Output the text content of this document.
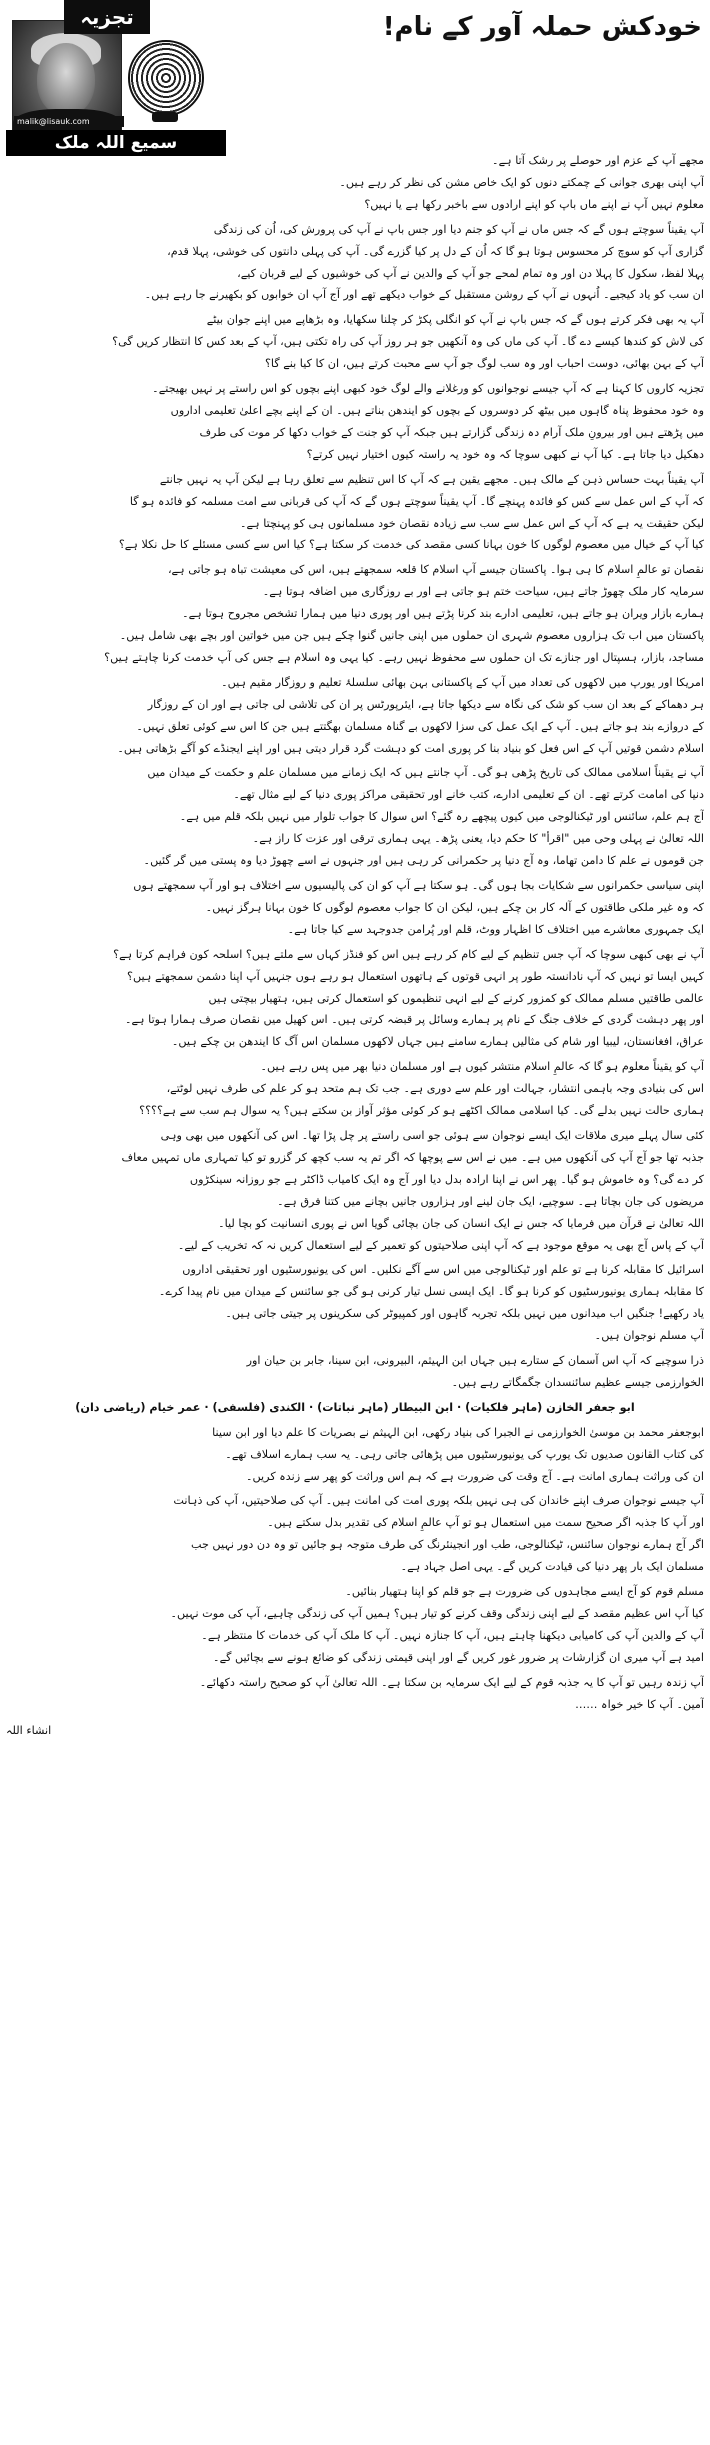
تجزیہ
malik@lisauk.com
سمیع اللہ ملک
خودکش حملہ آور کے نام!
مجھے آپ کے عزم اور حوصلے پر رشک آتا ہے۔
آپ اپنی بھری جوانی کے چمکتے دنوں کو ایک خاص مشن کی نظر کر رہے ہیں۔
معلوم نہیں آپ نے اپنے ماں باپ کو اپنے ارادوں سے باخبر رکھا ہے یا نہیں؟
آپ یقیناً سوچتے ہوں گے کہ جس ماں نے آپ کو جنم دیا اور جس باپ نے آپ کی پرورش کی، اُن کی زندگی
گزاری آپ کو سوچ کر محسوس ہوتا ہو گا کہ اُن کے دل پر کیا گزرے گی۔ آپ کی پہلی دانتوں کی خوشی، پہلا قدم،
پہلا لفظ، سکول کا پہلا دن اور وہ تمام لمحے جو آپ کے والدین نے آپ کی خوشیوں کے لیے قربان کیے،
ان سب کو یاد کیجیے۔ اُنہوں نے آپ کے روشن مستقبل کے خواب دیکھے تھے اور آج آپ ان خوابوں کو بکھیرنے جا رہے ہیں۔
آپ یہ بھی فکر کرتے ہوں گے کہ جس باپ نے آپ کو انگلی پکڑ کر چلنا سکھایا، وہ بڑھاپے میں اپنے جوان بیٹے
کی لاش کو کندھا کیسے دے گا۔ آپ کی ماں کی وہ آنکھیں جو ہر روز آپ کی راہ تکتی ہیں، آپ کے بعد کس کا انتظار کریں گی؟
آپ کے بہن بھائی، دوست احباب اور وہ سب لوگ جو آپ سے محبت کرتے ہیں، ان کا کیا بنے گا؟
تجزیہ کاروں کا کہنا ہے کہ آپ جیسے نوجوانوں کو ورغلانے والے لوگ خود کبھی اپنے بچوں کو اس راستے پر نہیں بھیجتے۔
وہ خود محفوظ پناہ گاہوں میں بیٹھ کر دوسروں کے بچوں کو ایندھن بناتے ہیں۔ ان کے اپنے بچے اعلیٰ تعلیمی اداروں
میں پڑھتے ہیں اور بیرونِ ملک آرام دہ زندگی گزارتے ہیں جبکہ آپ کو جنت کے خواب دکھا کر موت کی طرف
دھکیل دیا جاتا ہے۔ کیا آپ نے کبھی سوچا کہ وہ خود یہ راستہ کیوں اختیار نہیں کرتے؟
آپ یقیناً بہت حساس ذہن کے مالک ہیں۔ مجھے یقین ہے کہ آپ کا اس تنظیم سے تعلق رہا ہے لیکن آپ یہ نہیں جانتے
کہ آپ کے اس عمل سے کس کو فائدہ پہنچے گا۔ آپ یقیناً سوچتے ہوں گے کہ آپ کی قربانی سے امت مسلمہ کو فائدہ ہو گا
لیکن حقیقت یہ ہے کہ آپ کے اس عمل سے سب سے زیادہ نقصان خود مسلمانوں ہی کو پہنچتا ہے۔
کیا آپ کے خیال میں معصوم لوگوں کا خون بہانا کسی مقصد کی خدمت کر سکتا ہے؟ کیا اس سے کسی مسئلے کا حل نکلا ہے؟
نقصان تو عالمِ اسلام کا ہی ہوا۔ پاکستان جیسے آپ اسلام کا قلعہ سمجھتے ہیں، اس کی معیشت تباہ ہو جاتی ہے،
سرمایہ کار ملک چھوڑ جاتے ہیں، سیاحت ختم ہو جاتی ہے اور بے روزگاری میں اضافہ ہوتا ہے۔
ہمارے بازار ویران ہو جاتے ہیں، تعلیمی ادارے بند کرنا پڑتے ہیں اور پوری دنیا میں ہمارا تشخص مجروح ہوتا ہے۔
پاکستان میں اب تک ہزاروں معصوم شہری ان حملوں میں اپنی جانیں گنوا چکے ہیں جن میں خواتین اور بچے بھی شامل ہیں۔
مساجد، بازار، ہسپتال اور جنازے تک ان حملوں سے محفوظ نہیں رہے۔ کیا یہی وہ اسلام ہے جس کی آپ خدمت کرنا چاہتے ہیں؟
امریکا اور یورپ میں لاکھوں کی تعداد میں آپ کے پاکستانی بہن بھائی سلسلۂ تعلیم و روزگار مقیم ہیں۔
ہر دھماکے کے بعد ان سب کو شک کی نگاہ سے دیکھا جاتا ہے، ایئرپورٹس پر ان کی تلاشی لی جاتی ہے اور ان کے روزگار
کے دروازے بند ہو جاتے ہیں۔ آپ کے ایک عمل کی سزا لاکھوں بے گناہ مسلمان بھگتتے ہیں جن کا اس سے کوئی تعلق نہیں۔
اسلام دشمن قوتیں آپ کے اس فعل کو بنیاد بنا کر پوری امت کو دہشت گرد قرار دیتی ہیں اور اپنے ایجنڈے کو آگے بڑھاتی ہیں۔
آپ نے یقیناً اسلامی ممالک کی تاریخ پڑھی ہو گی۔ آپ جانتے ہیں کہ ایک زمانے میں مسلمان علم و حکمت کے میدان میں
دنیا کی امامت کرتے تھے۔ ان کے تعلیمی ادارے، کتب خانے اور تحقیقی مراکز پوری دنیا کے لیے مثال تھے۔
آج ہم علم، سائنس اور ٹیکنالوجی میں کیوں پیچھے رہ گئے؟ اس سوال کا جواب تلوار میں نہیں بلکہ قلم میں ہے۔
اللہ تعالیٰ نے پہلی وحی میں "اقرأ" کا حکم دیا، یعنی پڑھ۔ یہی ہماری ترقی اور عزت کا راز ہے۔
جن قوموں نے علم کا دامن تھاما، وہ آج دنیا پر حکمرانی کر رہی ہیں اور جنہوں نے اسے چھوڑ دیا وہ پستی میں گر گئیں۔
اپنی سیاسی حکمرانوں سے شکایات بجا ہوں گی۔ ہو سکتا ہے آپ کو ان کی پالیسیوں سے اختلاف ہو اور آپ سمجھتے ہوں
کہ وہ غیر ملکی طاقتوں کے آلہ کار بن چکے ہیں، لیکن ان کا جواب معصوم لوگوں کا خون بہانا ہرگز نہیں۔
ایک جمہوری معاشرے میں اختلاف کا اظہار ووٹ، قلم اور پُرامن جدوجہد سے کیا جاتا ہے۔
آپ نے بھی کبھی سوچا کہ آپ جس تنظیم کے لیے کام کر رہے ہیں اس کو فنڈز کہاں سے ملتے ہیں؟ اسلحہ کون فراہم کرتا ہے؟
کہیں ایسا تو نہیں کہ آپ نادانستہ طور پر انہی قوتوں کے ہاتھوں استعمال ہو رہے ہوں جنہیں آپ اپنا دشمن سمجھتے ہیں؟
عالمی طاقتیں مسلم ممالک کو کمزور کرنے کے لیے انہی تنظیموں کو استعمال کرتی ہیں، ہتھیار بیچتی ہیں
اور پھر دہشت گردی کے خلاف جنگ کے نام پر ہمارے وسائل پر قبضہ کرتی ہیں۔ اس کھیل میں نقصان صرف ہمارا ہوتا ہے۔
عراق، افغانستان، لیبیا اور شام کی مثالیں ہمارے سامنے ہیں جہاں لاکھوں مسلمان اس آگ کا ایندھن بن چکے ہیں۔
آپ کو یقیناً معلوم ہو گا کہ عالمِ اسلام منتشر کیوں ہے اور مسلمان دنیا بھر میں پس رہے ہیں۔
اس کی بنیادی وجہ باہمی انتشار، جہالت اور علم سے دوری ہے۔ جب تک ہم متحد ہو کر علم کی طرف نہیں لوٹتے،
ہماری حالت نہیں بدلے گی۔ کیا اسلامی ممالک اکٹھے ہو کر کوئی مؤثر آواز بن سکتے ہیں؟ یہ سوال ہم سب سے ہے؟؟؟؟
کئی سال پہلے میری ملاقات ایک ایسے نوجوان سے ہوئی جو اسی راستے پر چل پڑا تھا۔ اس کی آنکھوں میں بھی وہی
جذبہ تھا جو آج آپ کی آنکھوں میں ہے۔ میں نے اس سے پوچھا کہ اگر تم یہ سب کچھ کر گزرو تو کیا تمہاری ماں تمہیں معاف
کر دے گی؟ وہ خاموش ہو گیا۔ پھر اس نے اپنا ارادہ بدل دیا اور آج وہ ایک کامیاب ڈاکٹر ہے جو روزانہ سینکڑوں
مریضوں کی جان بچاتا ہے۔ سوچیے، ایک جان لینے اور ہزاروں جانیں بچانے میں کتنا فرق ہے۔
اللہ تعالیٰ نے قرآن میں فرمایا کہ جس نے ایک انسان کی جان بچائی گویا اس نے پوری انسانیت کو بچا لیا۔
آپ کے پاس آج بھی یہ موقع موجود ہے کہ آپ اپنی صلاحیتوں کو تعمیر کے لیے استعمال کریں نہ کہ تخریب کے لیے۔
اسرائیل کا مقابلہ کرنا ہے تو علم اور ٹیکنالوجی میں اس سے آگے نکلیں۔ اس کی یونیورسٹیوں اور تحقیقی اداروں
کا مقابلہ ہماری یونیورسٹیوں کو کرنا ہو گا۔ ایک ایسی نسل تیار کرنی ہو گی جو سائنس کے میدان میں نام پیدا کرے۔
یاد رکھیے! جنگیں اب میدانوں میں نہیں بلکہ تجربہ گاہوں اور کمپیوٹر کی سکرینوں پر جیتی جاتی ہیں۔
آپ مسلم نوجوان ہیں۔
ذرا سوچیے کہ آپ اس آسمان کے ستارے ہیں جہاں ابن الہیثم، البیرونی، ابن سینا، جابر بن حیان اور
الخوارزمی جیسے عظیم سائنسدان جگمگاتے رہے ہیں۔
ابو جعفر الخازن (ماہر فلکیات) · ابن البیطار (ماہر نباتات) · الکندی (فلسفی) · عمر خیام (ریاضی دان)
ابوجعفر محمد بن موسیٰ الخوارزمی نے الجبرا کی بنیاد رکھی، ابن الہیثم نے بصریات کا علم دیا اور ابن سینا
کی کتاب القانون صدیوں تک یورپ کی یونیورسٹیوں میں پڑھائی جاتی رہی۔ یہ سب ہمارے اسلاف تھے۔
ان کی وراثت ہماری امانت ہے۔ آج وقت کی ضرورت ہے کہ ہم اس وراثت کو پھر سے زندہ کریں۔
آپ جیسے نوجوان صرف اپنے خاندان کی ہی نہیں بلکہ پوری امت کی امانت ہیں۔ آپ کی صلاحیتیں، آپ کی ذہانت
اور آپ کا جذبہ اگر صحیح سمت میں استعمال ہو تو آپ عالمِ اسلام کی تقدیر بدل سکتے ہیں۔
اگر آج ہمارے نوجوان سائنس، ٹیکنالوجی، طب اور انجینئرنگ کی طرف متوجہ ہو جائیں تو وہ دن دور نہیں جب
مسلمان ایک بار پھر دنیا کی قیادت کریں گے۔ یہی اصل جہاد ہے۔
مسلم قوم کو آج ایسے مجاہدوں کی ضرورت ہے جو قلم کو اپنا ہتھیار بنائیں۔
کیا آپ اس عظیم مقصد کے لیے اپنی زندگی وقف کرنے کو تیار ہیں؟ ہمیں آپ کی زندگی چاہیے، آپ کی موت نہیں۔
آپ کے والدین آپ کی کامیابی دیکھنا چاہتے ہیں، آپ کا جنازہ نہیں۔ آپ کا ملک آپ کی خدمات کا منتظر ہے۔
امید ہے آپ میری ان گزارشات پر ضرور غور کریں گے اور اپنی قیمتی زندگی کو ضائع ہونے سے بچائیں گے۔
آپ زندہ رہیں تو آپ کا یہ جذبہ قوم کے لیے ایک سرمایہ بن سکتا ہے۔ اللہ تعالیٰ آپ کو صحیح راستہ دکھائے۔
آمین۔ آپ کا خیر خواہ ……
انشاء اللہ
